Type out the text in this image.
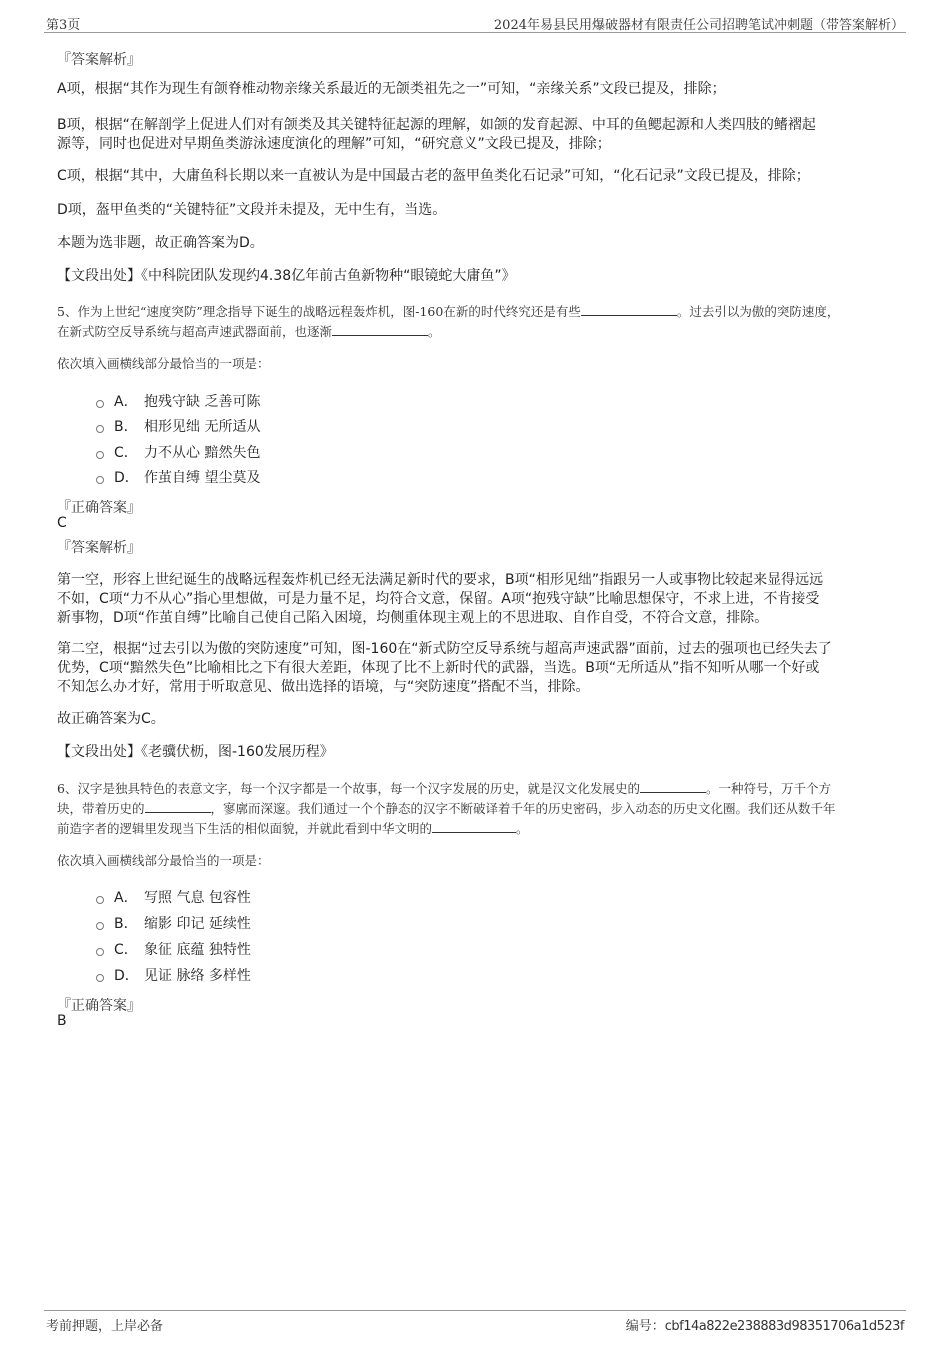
第3页	2024年易县民用爆破器材有限责任公司招聘笔试冲刺题（带答案解析）
『答案解析』
A项，根据“其作为现生有颌脊椎动物亲缘关系最近的无颌类祖先之一”可知，“亲缘关系”文段已提及，排除；
B项，根据“在解剖学上促进人们对有颌类及其关键特征起源的理解，如颌的发育起源、中耳的鱼鳃起源和人类四肢的鳍褶起
源等，同时也促进对早期鱼类游泳速度演化的理解”可知，“研究意义”文段已提及，排除；
C项，根据“其中，大庸鱼科长期以来一直被认为是中国最古老的盔甲鱼类化石记录”可知，“化石记录”文段已提及，排除；
D项，盔甲鱼类的“关键特征”文段并未提及，无中生有，当选。
本题为选非题，故正确答案为D。
【文段出处】《中科院团队发现约4.38亿年前古鱼新物种“眼镜蛇大庸鱼”》
5、作为上世纪“速度突防”理念指导下诞生的战略远程轰炸机，图-160在新的时代终究还是有些	。过去引以为傲的突防速度，
在新式防空反导系统与超高声速武器面前，也逐渐	。
依次填入画横线部分最恰当的一项是：
A． 抱残守缺 乏善可陈
B． 相形见绌 无所适从
C． 力不从心 黯然失色
D． 作茧自缚 望尘莫及
『正确答案』
C
『答案解析』
第一空，形容上世纪诞生的战略远程轰炸机已经无法满足新时代的要求，B项“相形见绌”指跟另一人或事物比较起来显得远远
不如，C项“力不从心”指心里想做，可是力量不足，均符合文意，保留。A项“抱残守缺”比喻思想保守，不求上进，不肯接受
新事物，D项“作茧自缚”比喻自己使自己陷入困境，均侧重体现主观上的不思进取、自作自受，不符合文意，排除。
第二空，根据“过去引以为傲的突防速度”可知，图-160在“新式防空反导系统与超高声速武器”面前，过去的强项也已经失去了
优势，C项“黯然失色”比喻相比之下有很大差距，体现了比不上新时代的武器，当选。B项“无所适从”指不知听从哪一个好或
不知怎么办才好，常用于听取意见、做出选择的语境，与“突防速度”搭配不当，排除。
故正确答案为C。
【文段出处】《老骥伏枥，图-160发展历程》
6、汉字是独具特色的表意文字，每一个汉字都是一个故事，每一个汉字发展的历史，就是汉文化发展史的	。一种符号，万千个方
块，带着历史的	，寥廓而深邃。我们通过一个个静态的汉字不断破译着千年的历史密码，步入动态的历史文化圈。我们还从数千年
前造字者的逻辑里发现当下生活的相似面貌，并就此看到中华文明的	。
依次填入画横线部分最恰当的一项是：
A． 写照 气息 包容性
B． 缩影 印记 延续性
C． 象征 底蕴 独特性
D． 见证 脉络 多样性
『正确答案』
B
考前押题，上岸必备	编号：cbf14a822e238883d98351706a1d523f
